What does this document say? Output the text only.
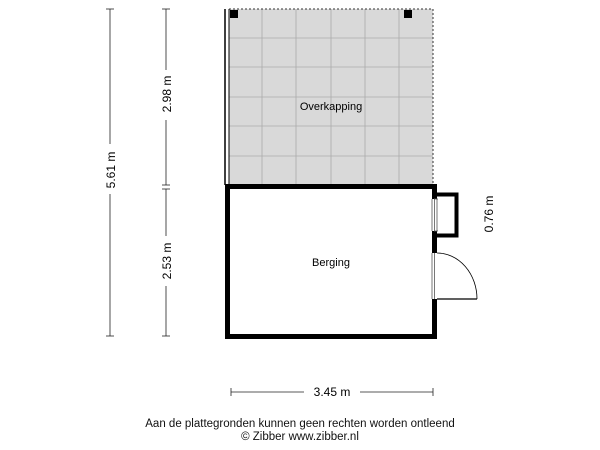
Overkapping
Berging
5.61 m
2.98 m
2.53 m
3.45 m
0.76 m
Aan de plattegronden kunnen geen rechten worden ontleend
© Zibber www.zibber.nl
